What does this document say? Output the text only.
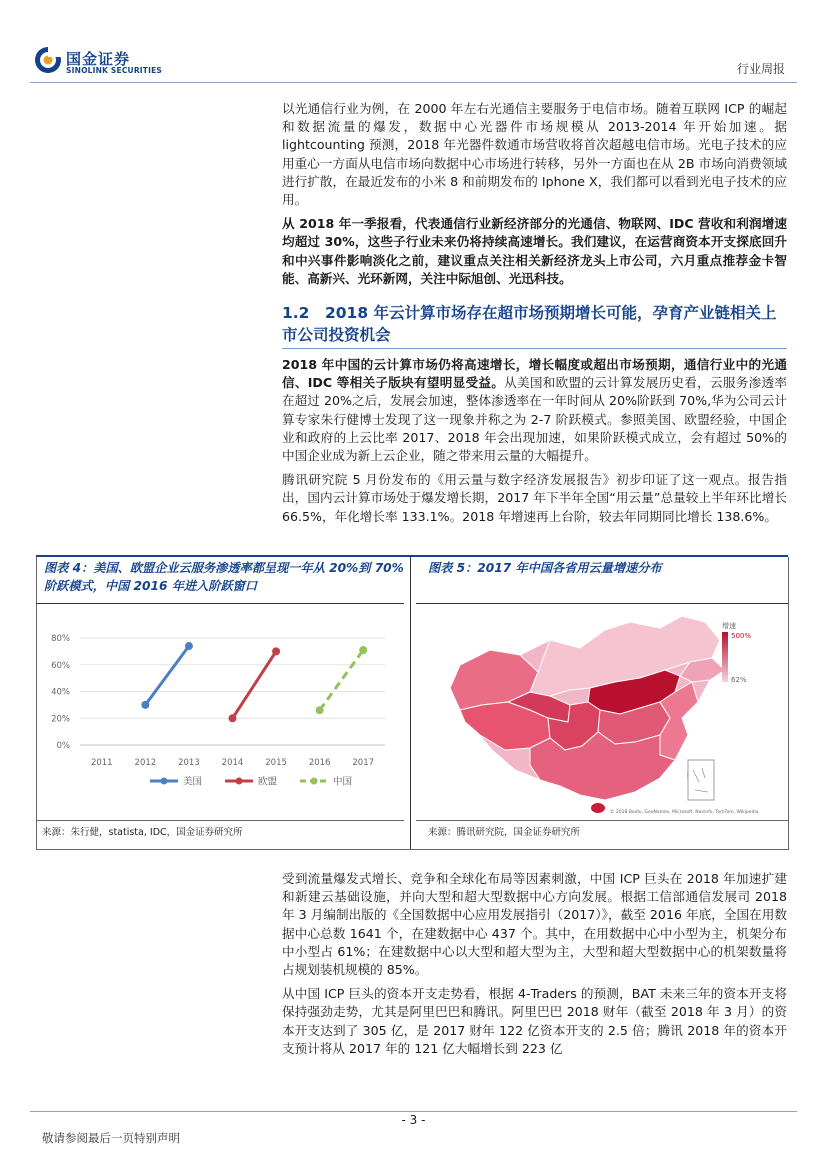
国金证券
SINOLINK SECURITIES	行业周报

以光通信行业为例，在 2000 年左右光通信主要服务于电信市场。随着互联网 ICP 的崛起和数据流量的爆发，数据中心光器件市场规模从 2013-2014 年开始加速。据 lightcounting 预测，2018 年光器件数通市场营收将首次超越电信市场。光电子技术的应用重心一方面从电信市场向数据中心市场进行转移，另外一方面也在从 2B 市场向消费领域进行扩散，在最近发布的小米 8 和前期发布的 Iphone X，我们都可以看到光电子技术的应用。

从 2018 年一季报看，代表通信行业新经济部分的光通信、物联网、IDC 营收和利润增速均超过 30%，这些子行业未来仍将持续高速增长。我们建议，在运营商资本开支探底回升和中兴事件影响淡化之前，建议重点关注相关新经济龙头上市公司，六月重点推荐金卡智能、高新兴、光环新网，关注中际旭创、光迅科技。

1.2　2018 年云计算市场存在超市场预期增长可能，孕育产业链相关上市公司投资机会

2018 年中国的云计算市场仍将高速增长，增长幅度或超出市场预期，通信行业中的光通信、IDC 等相关子版块有望明显受益。从美国和欧盟的云计算发展历史看，云服务渗透率在超过 20%之后，发展会加速，整体渗透率在一年时间从 20%阶跃到 70%,华为公司云计算专家朱行健博士发现了这一现象并称之为 2-7 阶跃模式。参照美国、欧盟经验，中国企业和政府的上云比率 2017、2018 年会出现加速，如果阶跃模式成立，会有超过 50%的中国企业成为新上云企业，随之带来用云量的大幅提升。

腾讯研究院 5 月份发布的《用云量与数字经济发展报告》初步印证了这一观点。报告指出，国内云计算市场处于爆发增长期，2017 年下半年全国“用云量”总量较上半年环比增长 66.5%，年化增长率 133.1%。2018 年增速再上台阶，较去年同期同比增长 138.6%。

图表 4：美国、欧盟企业云服务渗透率都呈现一年从 20%到 70%阶跃模式，中国 2016 年进入阶跃窗口
图表 5：2017 年中国各省用云量增速分布
0%
20%
40%
60%
80%
2011	2012	2013	2014	2015	2016	2017
美国	欧盟	中国
增速
500%
62%
© 2018 Baidu, GeoNames, Microsoft, Navinfo, TomTom, Wikipedia
来源：朱行健，statista, IDC，国金证券研究所	来源：腾讯研究院，国金证券研究所

受到流量爆发式增长、竞争和全球化布局等因素刺激，中国 ICP 巨头在 2018 年加速扩建和新建云基础设施，并向大型和超大型数据中心方向发展。根据工信部通信发展司 2018 年 3 月编制出版的《全国数据中心应用发展指引（2017）》，截至 2016 年底，全国在用数据中心总数 1641 个，在建数据中心 437 个。其中，在用数据中心中小型为主，机架分布中小型占 61%；在建数据中心以大型和超大型为主，大型和超大型数据中心的机架数量将占规划装机规模的 85%。

从中国 ICP 巨头的资本开支走势看，根据 4-Traders 的预测，BAT 未来三年的资本开支将保持强劲走势，尤其是阿里巴巴和腾讯。阿里巴巴 2018 财年（截至 2018 年 3 月）的资本开支达到了 305 亿，是 2017 财年 122 亿资本开支的 2.5 倍；腾讯 2018 年的资本开支预计将从 2017 年的 121 亿大幅增长到 223 亿

- 3 -
敬请参阅最后一页特别声明
